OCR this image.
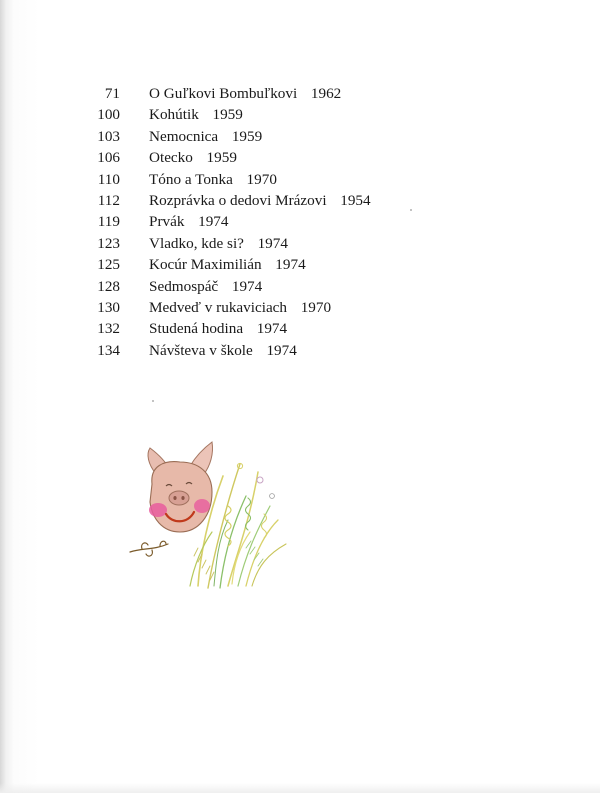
71 O Guľkovi Bombuľkovi 1962
100 Kohútik 1959
103 Nemocnica 1959
106 Otecko 1959
110 Tóno a Tonka 1970
112 Rozprávka o dedovi Mrázovi 1954
119 Prvák 1974
123 Vladko, kde si? 1974
125 Kocúr Maximilián 1974
128 Sedmospáč 1974
130 Medveď v rukaviciach 1970
132 Studená hodina 1974
134 Návšteva v škole 1974
